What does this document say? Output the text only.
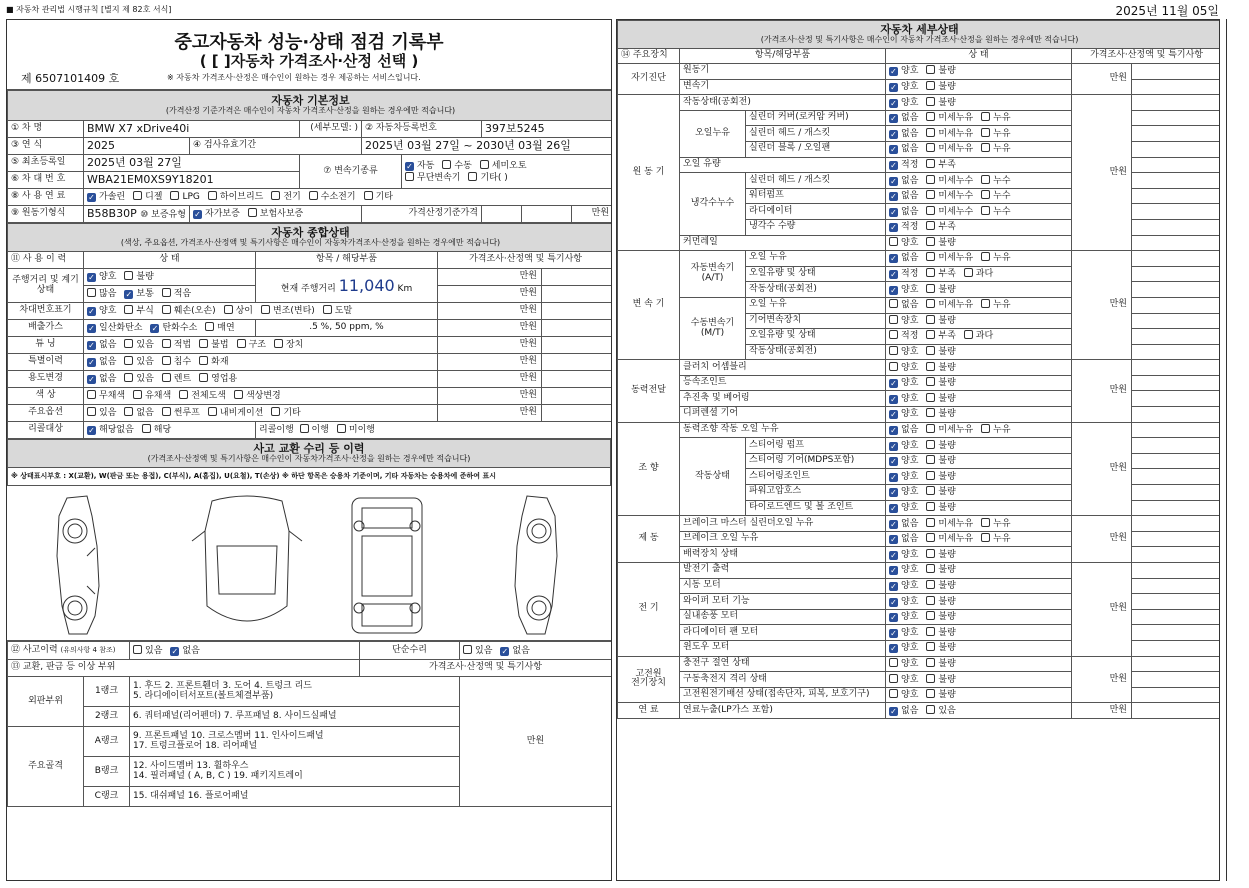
■ 자동차 관리법 시행규칙 [별지 제 82호 서식]	2025년 11월 05일
중고자동차 성능·상태 점검 기록부
( [ ]자동차 가격조사·산정 선택 )
제 6507101409 호	※ 자동차 가격조사·산정은 매수인이 원하는 경우 제공하는 서비스입니다.
자동차 기본정보
(가격산정 기준가격은 매수인이 자동차 가격조사·산정을 원하는 경우에만 적습니다)								
① 차 명	BMW X7 xDrive40i		(세부모델: )	② 자동차등록번호		397보5245		
③ 연 식	2025	④ 검사유효기간		2025년 03월 27일 ~ 2030년 03월 26일				
⑤ 최초등록일	2025년 03월 27일		⑦ 변속기종류	
✓자동 수동 세미오토
무단변속기 기타( )

⑥ 차 대 번 호	WBA21EM0XS9Y18201							
⑧ 사 용 연 료	✓가솔린 디젤 LPG 하이브리드 전기 수소전기 기타
⑨ 원동기형식	B58B30P ⑩ 보증유형	✓자가보증 보험사보증		가격산정기준가격				만원
자동차 종합상태
(색상, 주요옵션, 가격조사·산정액 및 특기사항은 매수인이 자동차가격조사·산정을 원하는 경우에만 적습니다)				
⑪ 사 용 이 력	상 태	항목 / 해당부품	가격조사·산정액 및 특기사항	
주행거리 및 계기상태	✓양호 불량	현재 주행거리 11,040 Km	만원	
	많음 ✓ 보통 적음		만원	
차대번호표기	✓양호 부식 훼손(오손) 상이 변조(변타) 도말		만원	
배출가스	✓일산화탄소 ✓ 탄화수소 매연	.5 %, 50 ppm, %	만원	
튜 닝	✓없음 있음 적법 불법 구조 장치		만원	
특별이력	✓없음 있음 침수 화재		만원	
용도변경	✓없음 있음 렌트 영업용		만원	
색 상	무채색 유채색 전체도색 색상변경		만원	
주요옵션	있음 없음 썬루프 내비게이션 기타		만원	
리콜대상	✓해당없음 해당	리콜이행 이행 미이행		
사고 교환 수리 등 이력
(가격조사·산정액 및 특기사항은 매수인이 자동차가격조사·산정을 원하는 경우에만 적습니다)
※ 상태표시부호 : X(교환), W(판금 또는 용접), C(부식), A(흠집), U(요철), T(손상) ※ 하단 항목은 승용차 기준이며, 기타 자동차는 승용차에 준하여 표시
⑫ 사고이력 (유의사항 4 참조)		있음 ✓ 없음	단순수리	있음 ✓ 없음
⑬ 교환, 판금 등 이상 부위			가격조사·산정액 및 특기사항	
외판부위	1랭크	1. 후드 2. 프론트휀더 3. 도어 4. 트렁크 리드
5. 라디에이터서포트(볼트체결부품)		만원
	2랭크	6. 쿼터패널(리어펜더) 7. 루프패널 8. 사이드실패널		
주요골격	A랭크	9. 프론트패널 10. 크로스멤버 11. 인사이드패널
17. 트렁크플로어 18. 리어패널		

	B랭크	12. 사이드멤버 13. 휠하우스
14. 필러패널 ( A, B, C ) 19. 패키지트레이		

	C랭크	15. 대쉬패널 16. 플로어패널		
자동차 세부상태
(가격조사·산정 및 특기사항은 매수인이 자동차 가격조사·산정을 원하는 경우에만 적습니다)					
⑭ 주요장치	항목/해당부품		상 태	가격조사·산정액 및 특기사항	
자기진단	원동기	✓양호 불량	만원	
	변속기	✓양호 불량	
원 동 기	작동상태(공회전)	✓양호 불량	만원	
	오일누유	실린더 커버(로커암 커버)	✓없음 미세누유 누유	
		실린더 헤드 / 개스킷	✓없음 미세누유 누유	
		실린더 블록 / 오일팬	✓없음 미세누유 누유	
	오일 유량	✓적정 부족	
	냉각수누수	실린더 헤드 / 개스킷	✓없음 미세누수 누수	
		워터펌프	✓없음 미세누수 누수	
		라디에이터	✓없음 미세누수 누수	
		냉각수 수량	✓적정 부족	
	커먼레일		양호 불량		
변 속 기	자동변속기
(A/T)	오일 누유	✓없음 미세누유 누유	만원	
		오일유량 및 상태	✓적정 부족 과다	
		작동상태(공회전)	✓양호 불량	
	수동변속기
(M/T)	오일 누유	없음 미세누유 누유		
		기어변속장치	양호 불량		
		오일유량 및 상태	적정 부족 과다		
		작동상태(공회전)	양호 불량		
동력전달	클러치 어셈블리		양호 불량	만원	
	등속조인트	✓양호 불량	
	추진축 및 베어링	✓양호 불량	
	디퍼렌셜 기어	✓양호 불량	
조 향	동력조향 작동 오일 누유	✓없음 미세누유 누유	만원	
	작동상태	스티어링 펌프	✓양호 불량	
		스티어링 기어(MDPS포함)	✓양호 불량	
		스티어링조인트	✓양호 불량	
		파워고압호스	✓양호 불량	
		타이로드엔드 및 볼 조인트	✓양호 불량	
제 동	브레이크 마스터 실린더오일 누유	✓없음 미세누유 누유	만원	
	브레이크 오일 누유	✓없음 미세누유 누유	
	배력장치 상태	✓양호 불량	
전 기	발전기 출력	✓양호 불량	만원	
	시동 모터	✓양호 불량	
	와이퍼 모터 기능	✓양호 불량	
	실내송풍 모터	✓양호 불량	
	라디에이터 팬 모터	✓양호 불량	
	윈도우 모터	✓양호 불량	
고전원
전기장치	충전구 절연 상태		양호 불량	만원	
	구동축전지 격리 상태		양호 불량		
	고전원전기배선 상태(접속단자, 피복, 보호기구)		양호 불량		
연 료	연료누출(LP가스 포함)	✓없음 있음	만원	
